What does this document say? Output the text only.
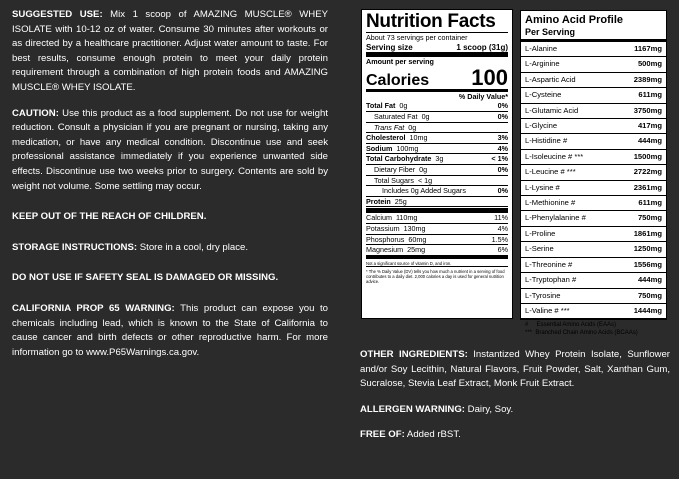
SUGGESTED USE: Mix 1 scoop of AMAZING MUSCLE® WHEY ISOLATE with 10-12 oz of water. Consume 30 minutes after workouts or as directed by a healthcare practitioner. Adjust water amount to taste. For best results, consume enough protein to meet your daily protein requirement through a combination of high protein foods and AMAZING MUSCLE® WHEY ISOLATE.

CAUTION: Use this product as a food supplement. Do not use for weight reduction. Consult a physician if you are pregnant or nursing, taking any medication, or have any medical condition. Discontinue use and seek professional assistance immediately if you experience unwanted side effects. Discontinue use two weeks prior to surgery. Contents are sold by weight not volume. Some settling may occur.

KEEP OUT OF THE REACH OF CHILDREN.

STORAGE INSTRUCTIONS: Store in a cool, dry place.

DO NOT USE IF SAFETY SEAL IS DAMAGED OR MISSING.

CALIFORNIA PROP 65 WARNING: This product can expose you to chemicals including lead, which is known to the State of California to cause cancer and birth defects or other reproductive harm. For more information go to www.P65Warnings.ca.gov.

Nutrition Facts
About 73 servings per container
Serving size	1 scoop (31g)
Amount per serving
Calories 100
% Daily Value*
Total Fat 0g	0%
Saturated Fat 0g	0%
Trans Fat 0g
Cholesterol 10mg	3%
Sodium 100mg	4%
Total Carbohydrate 3g	< 1%
Dietary Fiber 0g	0%
Total Sugars < 1g
Includes 0g Added Sugars	0%
Protein 25g
Calcium 110mg	11%
Potassium 130mg	4%
Phosphorus 60mg	1.5%
Magnesium 25mg	6%
Not a significant source of vitamin D, and iron.
* The % Daily Value (DV) tells you how much a nutrient in a serving of food contributes to a daily diet. 2,000 calories a day is used for general nutrition advice.
Amino Acid Profile
Per Serving
L-Alanine	1167mg
L-Arginine	500mg
L-Aspartic Acid	2389mg
L-Cysteine	611mg
L-Glutamic Acid	3750mg
L-Glycine	417mg
L-Histidine #	444mg
L-Isoleucine # ***	1500mg
L-Leucine # ***	2722mg
L-Lysine #	2361mg
L-Methionine #	611mg
L-Phenylalanine #	750mg
L-Proline	1861mg
L-Serine	1250mg
L-Threonine #	1556mg
L-Tryptophan #	444mg
L-Tyrosine	750mg
L-Valine # ***	1444mg
#     Essential Amino Acids (EAAs)
***  Branched Chain Amino Acids (BCAAs)

OTHER INGREDIENTS: Instantized Whey Protein Isolate, Sunflower and/or Soy Lecithin, Natural Flavors, Fruit Powder, Salt, Xanthan Gum, Sucralose, Stevia Leaf Extract, Monk Fruit Extract.

ALLERGEN WARNING: Dairy, Soy.

FREE OF: Added rBST.
